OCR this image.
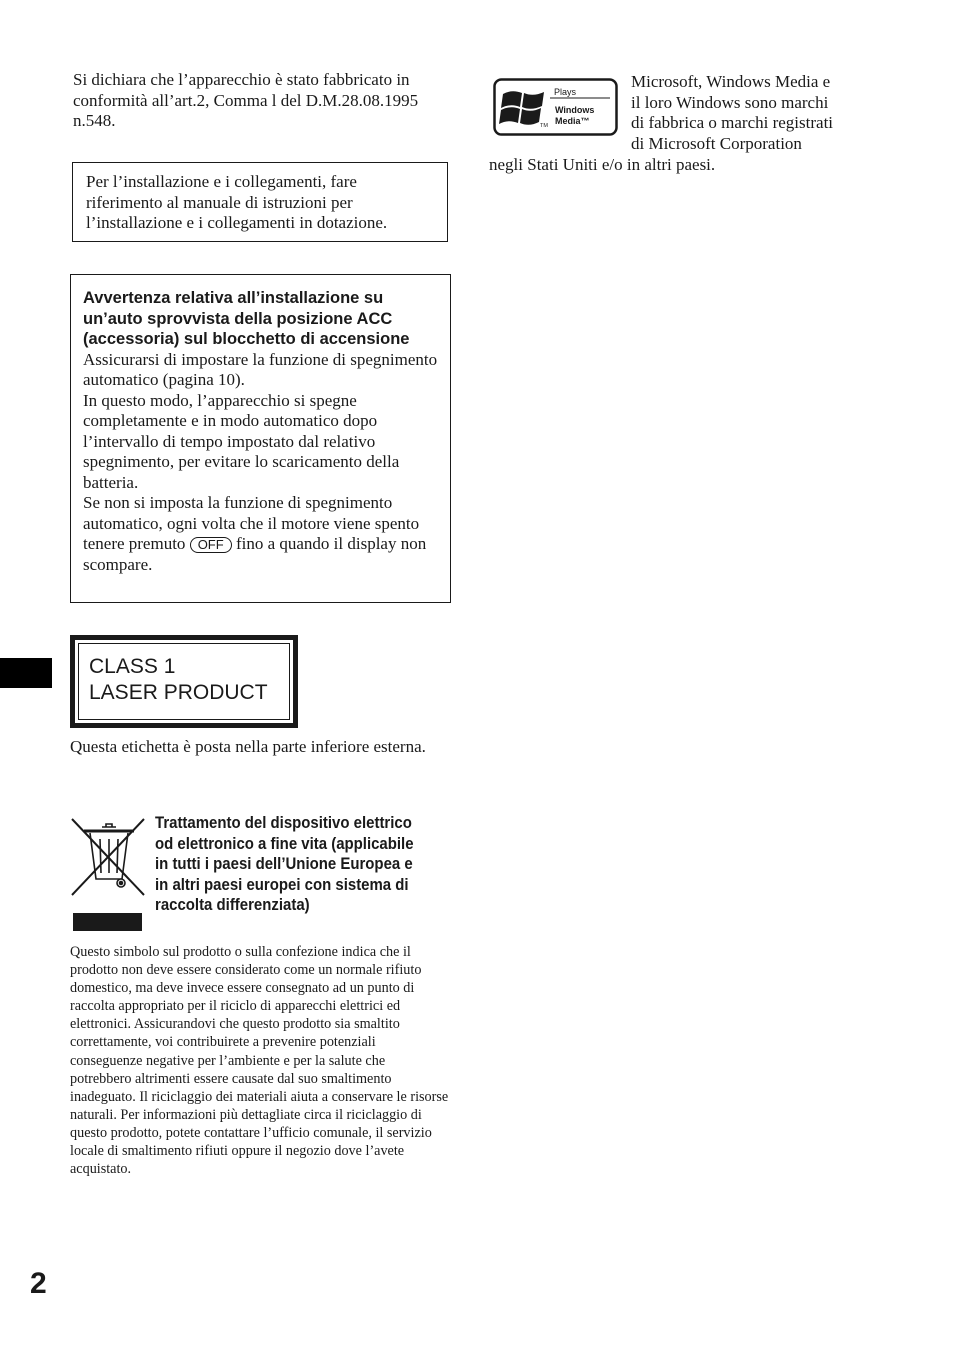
Si dichiara che l’apparecchio è stato fabbricato in conformità all’art.2, Comma l del D.M.28.08.1995 n.548.

Per l’installazione e i collegamenti, fare riferimento al manuale di istruzioni per l’installazione e i collegamenti in dotazione.

Avvertenza relativa all’installazione su un’auto sprovvista della posizione ACC (accessoria) sul blocchetto di accensione

Assicurarsi di impostare la funzione di spegnimento automatico (pagina 10).

In questo modo, l’apparecchio si spegne completamente e in modo automatico dopo l’intervallo di tempo impostato dal relativo spegnimento, per evitare lo scaricamento della batteria.

Se non si imposta la funzione di spegnimento automatico, ogni volta che il motore viene spento tenere premuto OFF fino a quando il display non scompare.

CLASS 1
LASER PRODUCT

Questa etichetta è posta nella parte inferiore esterna.

Trattamento del dispositivo elettrico od elettronico a fine vita (applicabile in tutti i paesi dell’Unione Europea e in altri paesi europei con sistema di raccolta differenziata)

Questo simbolo sul prodotto o sulla confezione indica che il prodotto non deve essere considerato come un normale rifiuto domestico, ma deve invece essere consegnato ad un punto di raccolta appropriato per il riciclo di apparecchi elettrici ed elettronici. Assicurandovi che questo prodotto sia smaltito correttamente, voi contribuirete a prevenire potenziali conseguenze negative per l’ambiente e per la salute che potrebbero altrimenti essere causate dal suo smaltimento inadeguato. Il riciclaggio dei materiali aiuta a conservare le risorse naturali. Per informazioni più dettagliate circa il riciclaggio di questo prodotto, potete contattare l’ufficio comunale, il servizio locale di smaltimento rifiuti oppure il negozio dove l’avete acquistato.

Plays
Windows
Media™
TM
Microsoft, Windows Media e
il loro Windows sono marchi
di fabbrica o marchi registrati
di Microsoft Corporation
negli Stati Uniti e/o in altri paesi.
2
